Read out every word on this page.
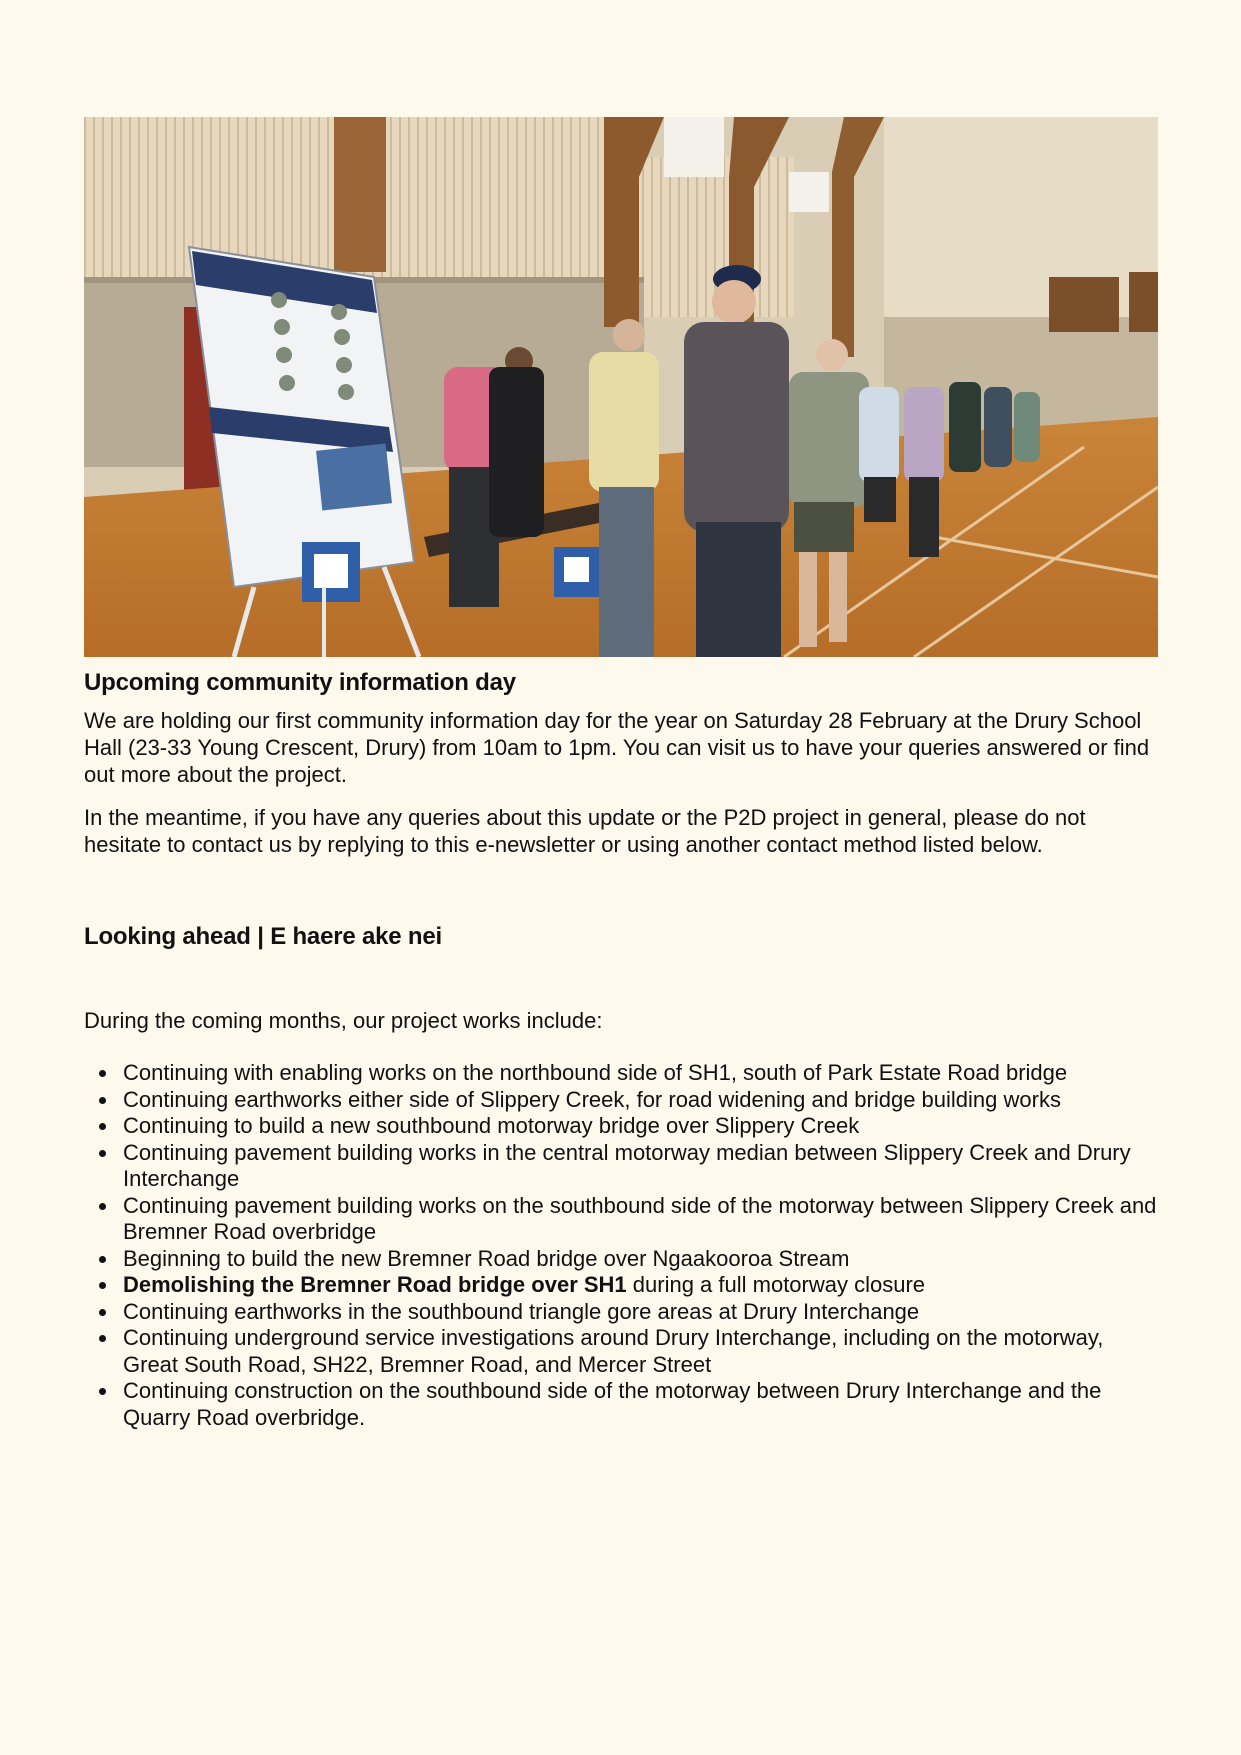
Upcoming community information day

We are holding our first community information day for the year on Saturday 28 February at the Drury School Hall (23-33 Young Crescent, Drury) from 10am to 1pm. You can visit us to have your queries answered or find out more about the project.

In the meantime, if you have any queries about this update or the P2D project in general, please do not hesitate to contact us by replying to this e-newsletter or using another contact method listed below.

Looking ahead | E haere ake nei

During the coming months, our project works include:

Continuing with enabling works on the northbound side of SH1, south of Park Estate Road bridge
Continuing earthworks either side of Slippery Creek, for road widening and bridge building works
Continuing to build a new southbound motorway bridge over Slippery Creek
Continuing pavement building works in the central motorway median between Slippery Creek and Drury Interchange
Continuing pavement building works on the southbound side of the motorway between Slippery Creek and Bremner Road overbridge
Beginning to build the new Bremner Road bridge over Ngaakooroa Stream
Demolishing the Bremner Road bridge over SH1 during a full motorway closure
Continuing earthworks in the southbound triangle gore areas at Drury Interchange
Continuing underground service investigations around Drury Interchange, including on the motorway, Great South Road, SH22, Bremner Road, and Mercer Street
Continuing construction on the southbound side of the motorway between Drury Interchange and the Quarry Road overbridge.
